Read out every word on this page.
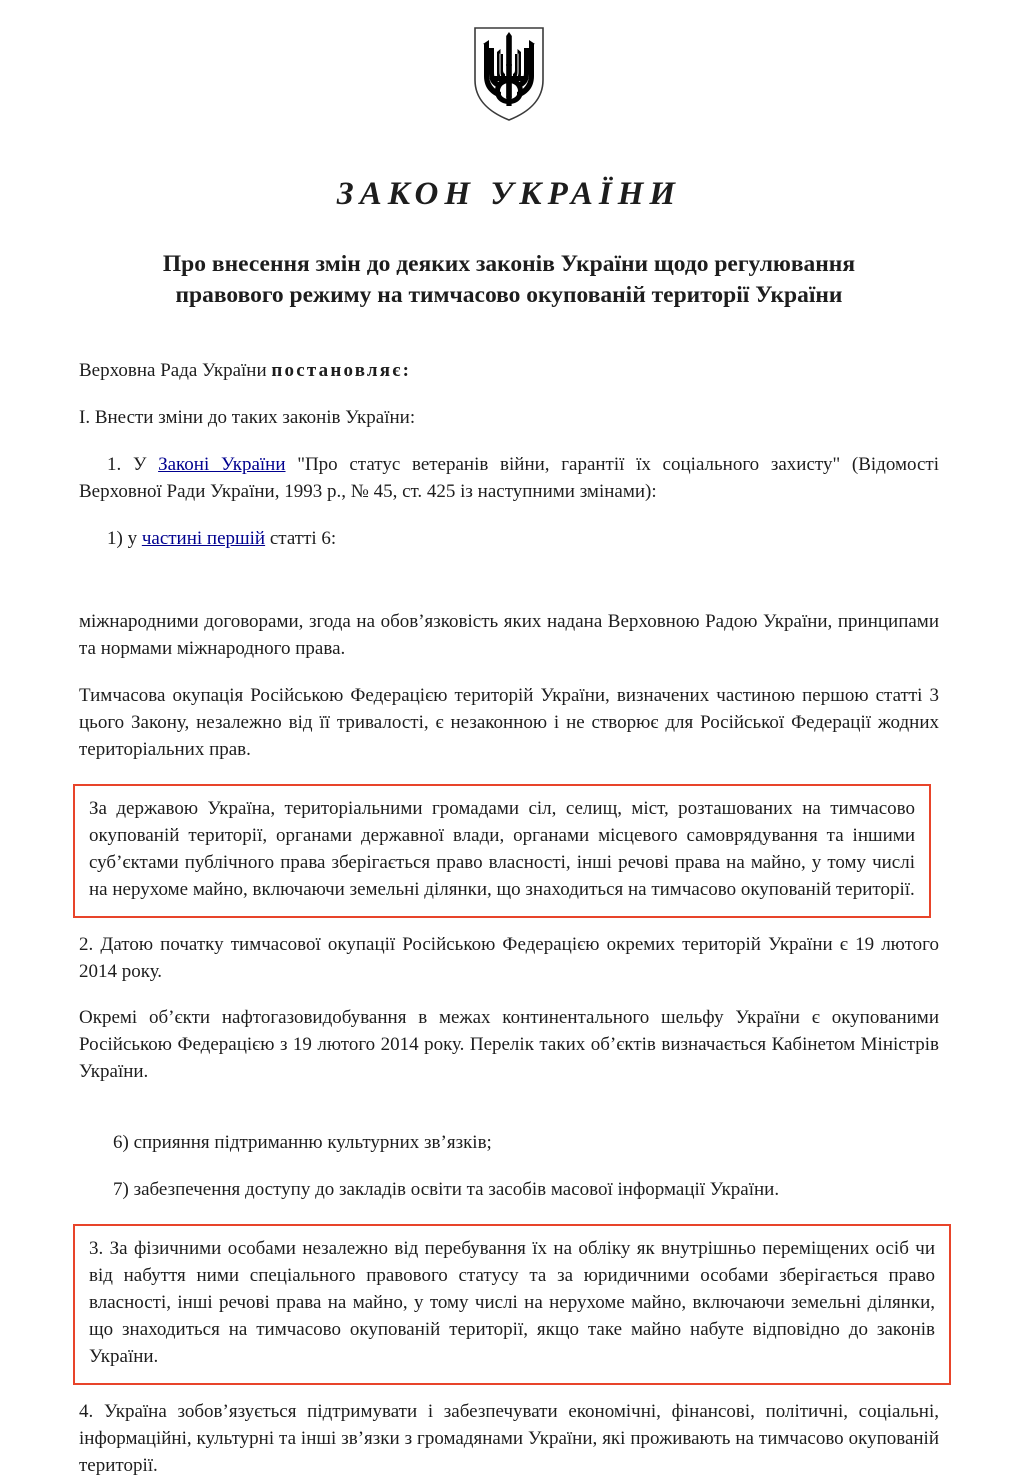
ЗАКОН УКРАЇНИ
Про внесення змін до деяких законів України щодо регулювання правового режиму на тимчасово окупованій території України

Верховна Рада України постановляє:

I. Внести зміни до таких законів України:

1. У Законі України "Про статус ветеранів війни, гарантії їх соціального захисту" (Відомості Верховної Ради України, 1993 р., № 45, ст. 425 із наступними змінами):

1) у частині першій статті 6:

міжнародними договорами, згода на обов’язковість яких надана Верховною Радою України, принципами та нормами міжнародного права.

Тимчасова окупація Російською Федерацією територій України, визначених частиною першою статті 3 цього Закону, незалежно від її тривалості, є незаконною і не створює для Російської Федерації жодних територіальних прав.

За державою Україна, територіальними громадами сіл, селищ, міст, розташованих на тимчасово окупованій території, органами державної влади, органами місцевого самоврядування та іншими суб’єктами публічного права зберігається право власності, інші речові права на майно, у тому числі на нерухоме майно, включаючи земельні ділянки, що знаходиться на тимчасово окупованій території.

2. Датою початку тимчасової окупації Російською Федерацією окремих територій України є 19 лютого 2014 року.

Окремі об’єкти нафтогазовидобування в межах континентального шельфу України є окупованими Російською Федерацією з 19 лютого 2014 року. Перелік таких об’єктів визначається Кабінетом Міністрів України.

6) сприяння підтриманню культурних зв’язків;

7) забезпечення доступу до закладів освіти та засобів масової інформації України.

3. За фізичними особами незалежно від перебування їх на обліку як внутрішньо переміщених осіб чи від набуття ними спеціального правового статусу та за юридичними особами зберігається право власності, інші речові права на майно, у тому числі на нерухоме майно, включаючи земельні ділянки, що знаходиться на тимчасово окупованій території, якщо таке майно набуте відповідно до законів України.

4. Україна зобов’язується підтримувати і забезпечувати економічні, фінансові, політичні, соціальні, інформаційні, культурні та інші зв’язки з громадянами України, які проживають на тимчасово окупованій території.
